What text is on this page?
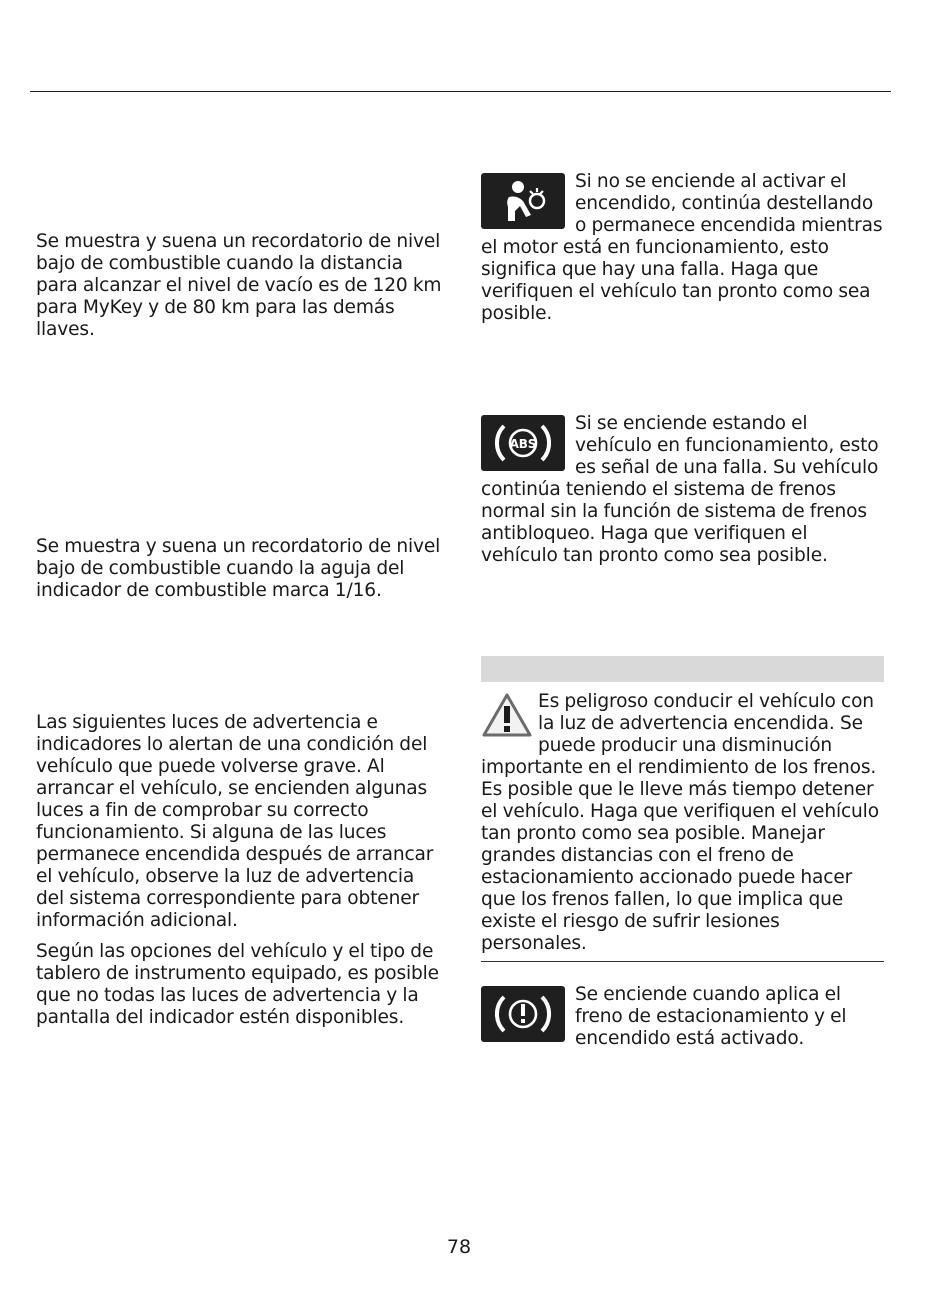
Se muestra y suena un recordatorio de nivel bajo de combustible cuando la distancia para alcanzar el nivel de vacío es de 120 km para MyKey y de 80 km para las demás llaves.

Se muestra y suena un recordatorio de nivel bajo de combustible cuando la aguja del indicador de combustible marca 1/16.

Las siguientes luces de advertencia e indicadores lo alertan de una condición del vehículo que puede volverse grave. Al arrancar el vehículo, se encienden algunas luces a fin de comprobar su correcto funcionamiento. Si alguna de las luces permanece encendida después de arrancar el vehículo, observe la luz de advertencia del sistema correspondiente para obtener información adicional.

Según las opciones del vehículo y el tipo de tablero de instrumento equipado, es posible que no todas las luces de advertencia y la pantalla del indicador estén disponibles.

Si no se enciende al activar el encendido, continúa destellando o permanece encendida mientras el motor está en funcionamiento, esto significa que hay una falla. Haga que verifiquen el vehículo tan pronto como sea posible.
ABS
Si se enciende estando el vehículo en funcionamiento, esto es señal de una falla. Su vehículo continúa teniendo el sistema de frenos normal sin la función de sistema de frenos antibloqueo. Haga que verifiquen el vehículo tan pronto como sea posible.
Es peligroso conducir el vehículo con la luz de advertencia encendida. Se puede producir una disminución importante en el rendimiento de los frenos. Es posible que le lleve más tiempo detener el vehículo. Haga que verifiquen el vehículo tan pronto como sea posible. Manejar grandes distancias con el freno de estacionamiento accionado puede hacer que los frenos fallen, lo que implica que existe el riesgo de sufrir lesiones personales.
Se enciende cuando aplica el freno de estacionamiento y el encendido está activado.
78
